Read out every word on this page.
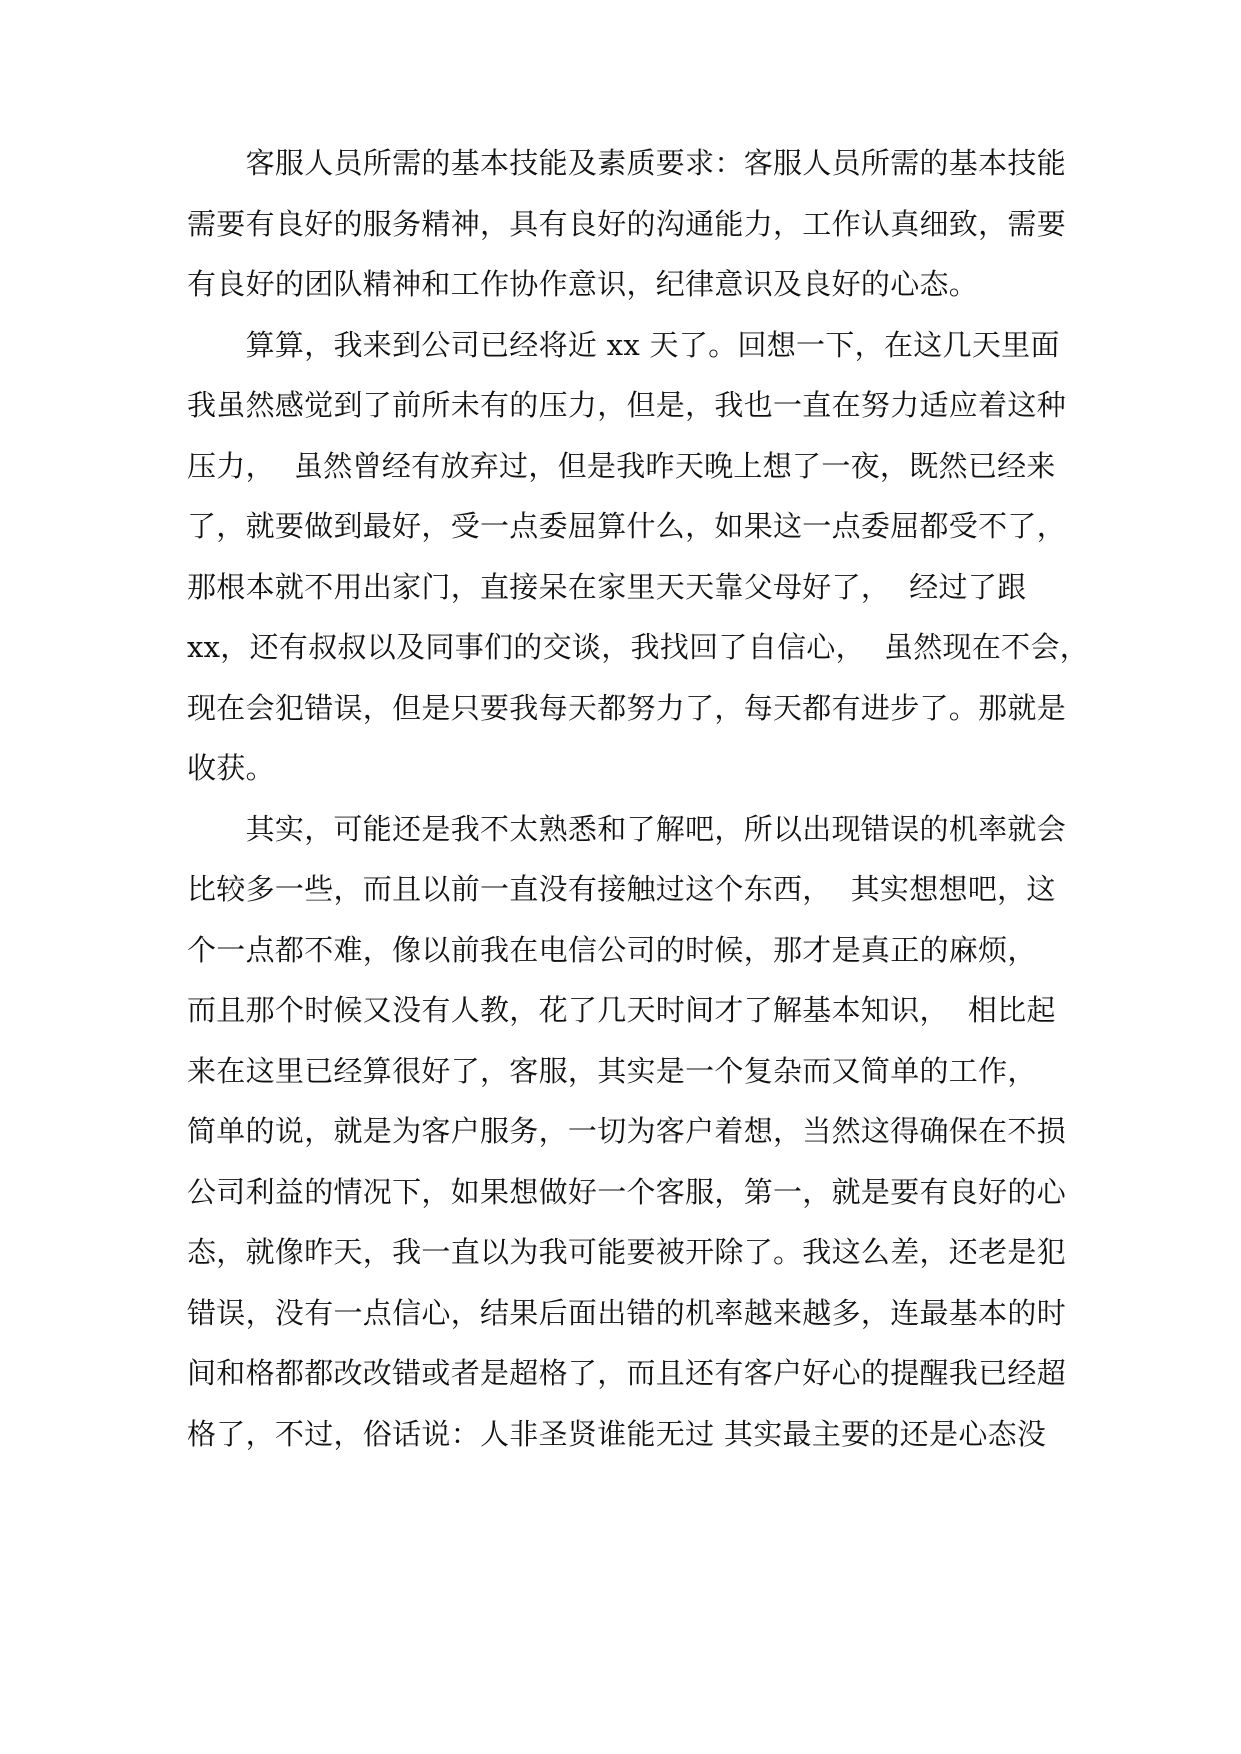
　　客服人员所需的基本技能及素质要求：客服人员所需的基本技能

需要有良好的服务精神，具有良好的沟通能力，工作认真细致，需要

有良好的团队精神和工作协作意识，纪律意识及良好的心态。

　　算算，我来到公司已经将近 xx 天了。回想一下，在这几天里面

我虽然感觉到了前所未有的压力，但是，我也一直在努力适应着这种

压力，  虽然曾经有放弃过，但是我昨天晚上想了一夜，既然已经来

了，就要做到最好，受一点委屈算什么，如果这一点委屈都受不了，

那根本就不用出家门，直接呆在家里天天靠父母好了，  经过了跟

xx，还有叔叔以及同事们的交谈，我找回了自信心，  虽然现在不会，

现在会犯错误，但是只要我每天都努力了，每天都有进步了。那就是

收获。

　　其实，可能还是我不太熟悉和了解吧，所以出现错误的机率就会

比较多一些，而且以前一直没有接触过这个东西，  其实想想吧，这

个一点都不难，像以前我在电信公司的时候，那才是真正的麻烦，

而且那个时候又没有人教，花了几天时间才了解基本知识，  相比起

来在这里已经算很好了，客服，其实是一个复杂而又简单的工作，

简单的说，就是为客户服务，一切为客户着想，当然这得确保在不损

公司利益的情况下，如果想做好一个客服，第一，就是要有良好的心

态，就像昨天，我一直以为我可能要被开除了。我这么差，还老是犯

错误，没有一点信心，结果后面出错的机率越来越多，连最基本的时

间和格都都改改错或者是超格了，而且还有客户好心的提醒我已经超

格了，不过，俗话说：人非圣贤谁能无过 其实最主要的还是心态没
